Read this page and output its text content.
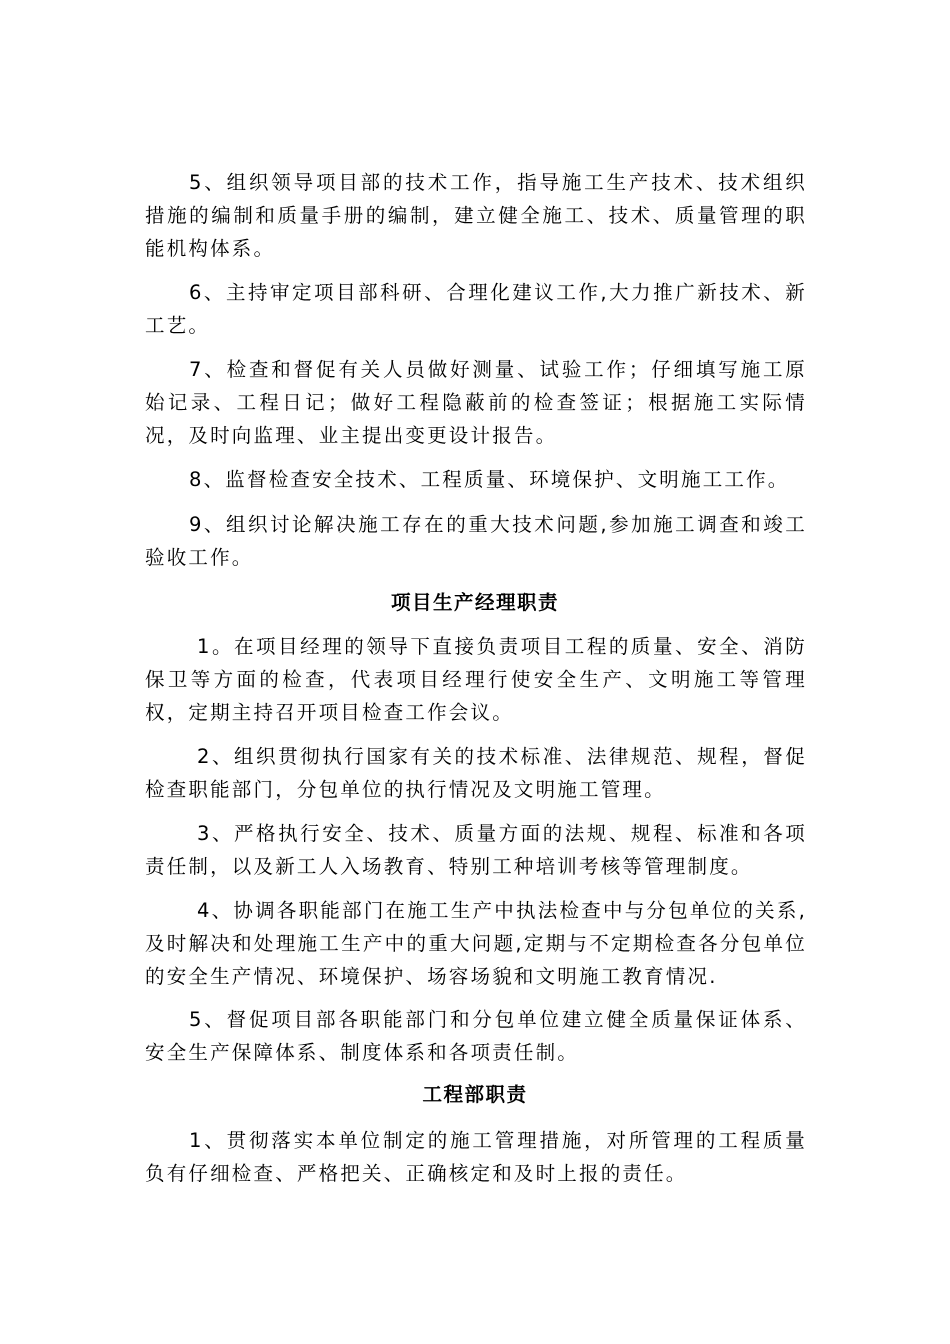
5、组织领导项目部的技术工作，指导施工生产技术、技术组织措施的编制和质量手册的编制，建立健全施工、技术、质量管理的职能机构体系。

6、主持审定项目部科研、合理化建议工作,大力推广新技术、新工艺。

7、检查和督促有关人员做好测量、试验工作；仔细填写施工原始记录、工程日记；做好工程隐蔽前的检查签证；根据施工实际情况，及时向监理、业主提出变更设计报告。

8、监督检查安全技术、工程质量、环境保护、文明施工工作。

9、组织讨论解决施工存在的重大技术问题,参加施工调查和竣工验收工作。

项目生产经理职责

1。在项目经理的领导下直接负责项目工程的质量、安全、消防保卫等方面的检查，代表项目经理行使安全生产、文明施工等管理权，定期主持召开项目检查工作会议。

2、组织贯彻执行国家有关的技术标准、法律规范、规程，督促检查职能部门，分包单位的执行情况及文明施工管理。

3、严格执行安全、技术、质量方面的法规、规程、标准和各项责任制，以及新工人入场教育、特别工种培训考核等管理制度。

4、协调各职能部门在施工生产中执法检查中与分包单位的关系,及时解决和处理施工生产中的重大问题,定期与不定期检查各分包单位的安全生产情况、环境保护、场容场貌和文明施工教育情况.

5、督促项目部各职能部门和分包单位建立健全质量保证体系、安全生产保障体系、制度体系和各项责任制。

工程部职责

1、贯彻落实本单位制定的施工管理措施，对所管理的工程质量负有仔细检查、严格把关、正确核定和及时上报的责任。
